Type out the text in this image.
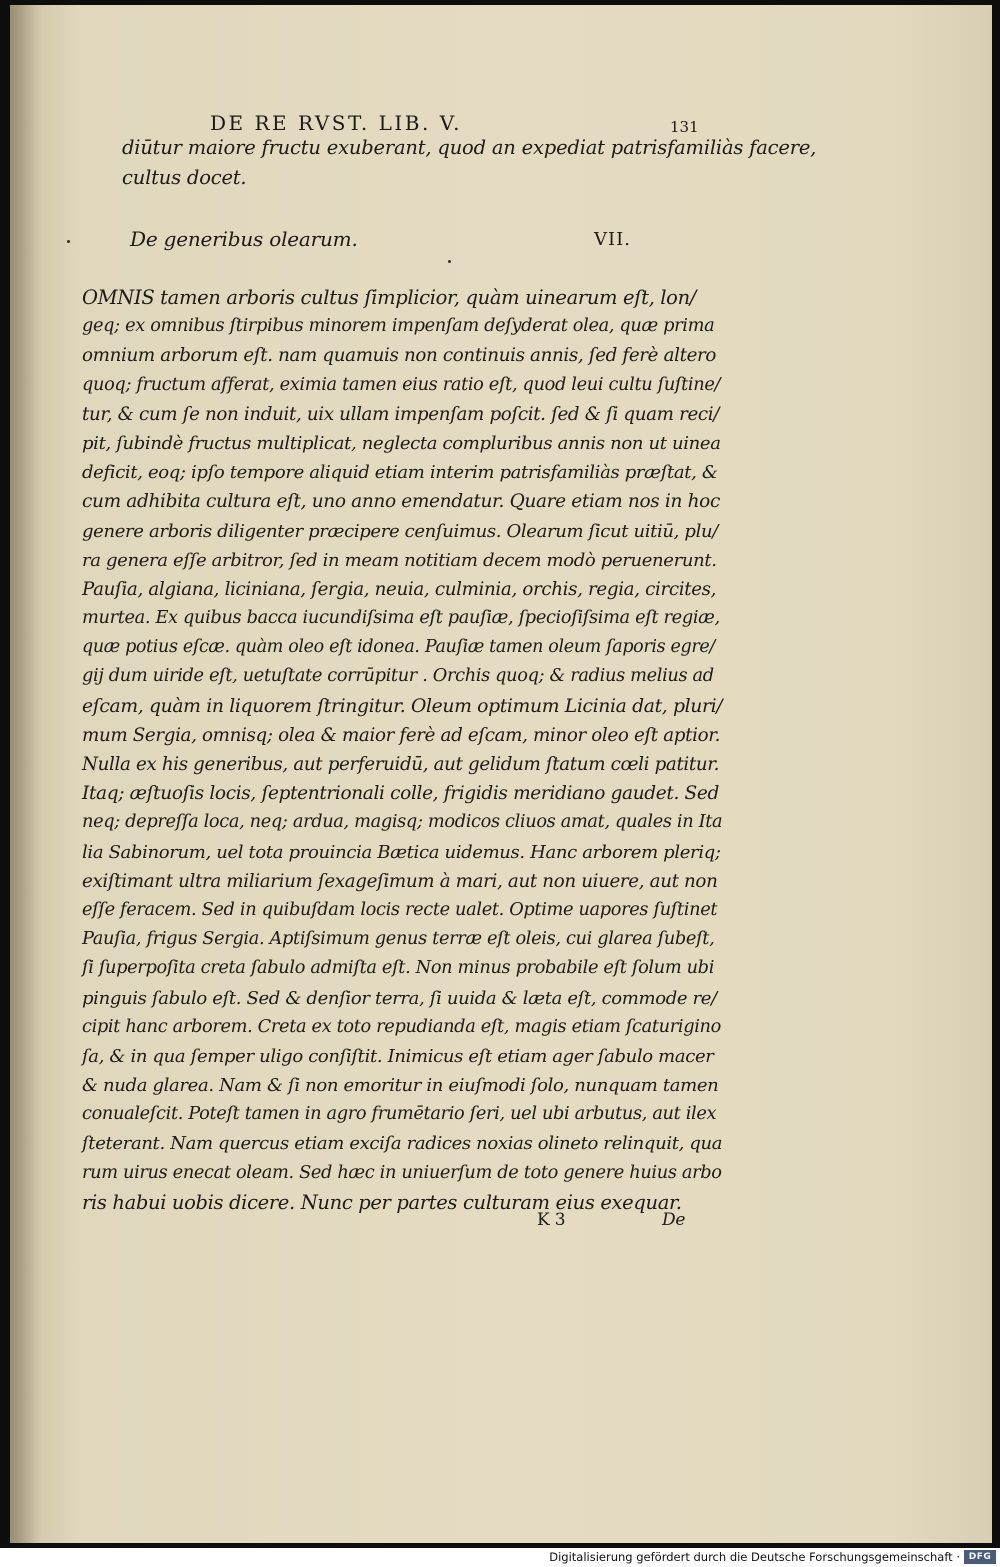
DE RE RVST. LIB. V.	131
diūtur maiore fructu exuberant, quod an expediat patrisfamiliàs facere,
cultus docet.
De generibus olearum.	VII.
OMNIS tamen arboris cultus ſimplicior, quàm uinearum eſt, lon/
geq; ex omnibus ſtirpibus minorem impenſam deſyderat olea, quæ prima
omnium arborum eſt. nam quamuis non continuis annis, ſed ferè altero
quoq; fructum afferat, eximia tamen eius ratio eſt, quod leui cultu ſuſtine/
tur, & cum ſe non induit, uix ullam impenſam poſcit. ſed & ſi quam reci/
pit, ſubindè fructus multiplicat, neglecta compluribus annis non ut uinea
deficit, eoq; ipſo tempore aliquid etiam interim patrisfamiliàs præſtat, &
cum adhibita cultura eſt, uno anno emendatur. Quare etiam nos in hoc
genere arboris diligenter præcipere cenſuimus. Olearum ſicut uitiū, plu/
ra genera eſſe arbitror, ſed in meam notitiam decem modò peruenerunt.
Pauſia, algiana, liciniana, ſergia, neuia, culminia, orchis, regia, circites,
murtea. Ex quibus bacca iucundiſsima eſt pauſiæ, ſpecioſiſsima eſt regiæ,
quæ potius eſcæ. quàm oleo eſt idonea. Pauſiæ tamen oleum ſaporis egre/
gij dum uiride eſt, uetuſtate corrūpitur . Orchis quoq; & radius melius ad
eſcam, quàm in liquorem ſtringitur. Oleum optimum Licinia dat, pluri/
mum Sergia, omnisq; olea & maior ferè ad eſcam, minor oleo eſt aptior.
Nulla ex his generibus, aut perferuidū, aut gelidum ſtatum cœli patitur.
Itaq; æſtuoſis locis, ſeptentrionali colle, frigidis meridiano gaudet. Sed
neq; depreſſa loca, neq; ardua, magisq; modicos cliuos amat, quales in Ita
lia Sabinorum, uel tota prouincia Bætica uidemus. Hanc arborem pleriq;
exiſtimant ultra miliarium ſexageſimum à mari, aut non uiuere, aut non
eſſe feracem. Sed in quibuſdam locis recte ualet. Optime uapores ſuſtinet
Pauſia, frigus Sergia. Aptiſsimum genus terræ eſt oleis, cui glarea ſubeſt,
ſi ſuperpoſita creta ſabulo admiſta eſt. Non minus probabile eſt ſolum ubi
pinguis ſabulo eſt. Sed & denſior terra, ſi uuida & læta eſt, commode re/
cipit hanc arborem. Creta ex toto repudianda eſt, magis etiam ſcaturigino
ſa, & in qua ſemper uligo conſiſtit. Inimicus eſt etiam ager ſabulo macer
& nuda glarea. Nam & ſi non emoritur in eiuſmodi ſolo, nunquam tamen
conualeſcit. Poteſt tamen in agro frumētario ſeri, uel ubi arbutus, aut ilex
ſteterant. Nam quercus etiam exciſa radices noxias olineto relinquit, qua
rum uirus enecat oleam. Sed hæc in uniuerſum de toto genere huius arbo
ris habui uobis dicere. Nunc per partes culturam eius exequar.
K 3	De
Digitalisierung gefördert durch die Deutsche Forschungsgemeinschaft · DFG
